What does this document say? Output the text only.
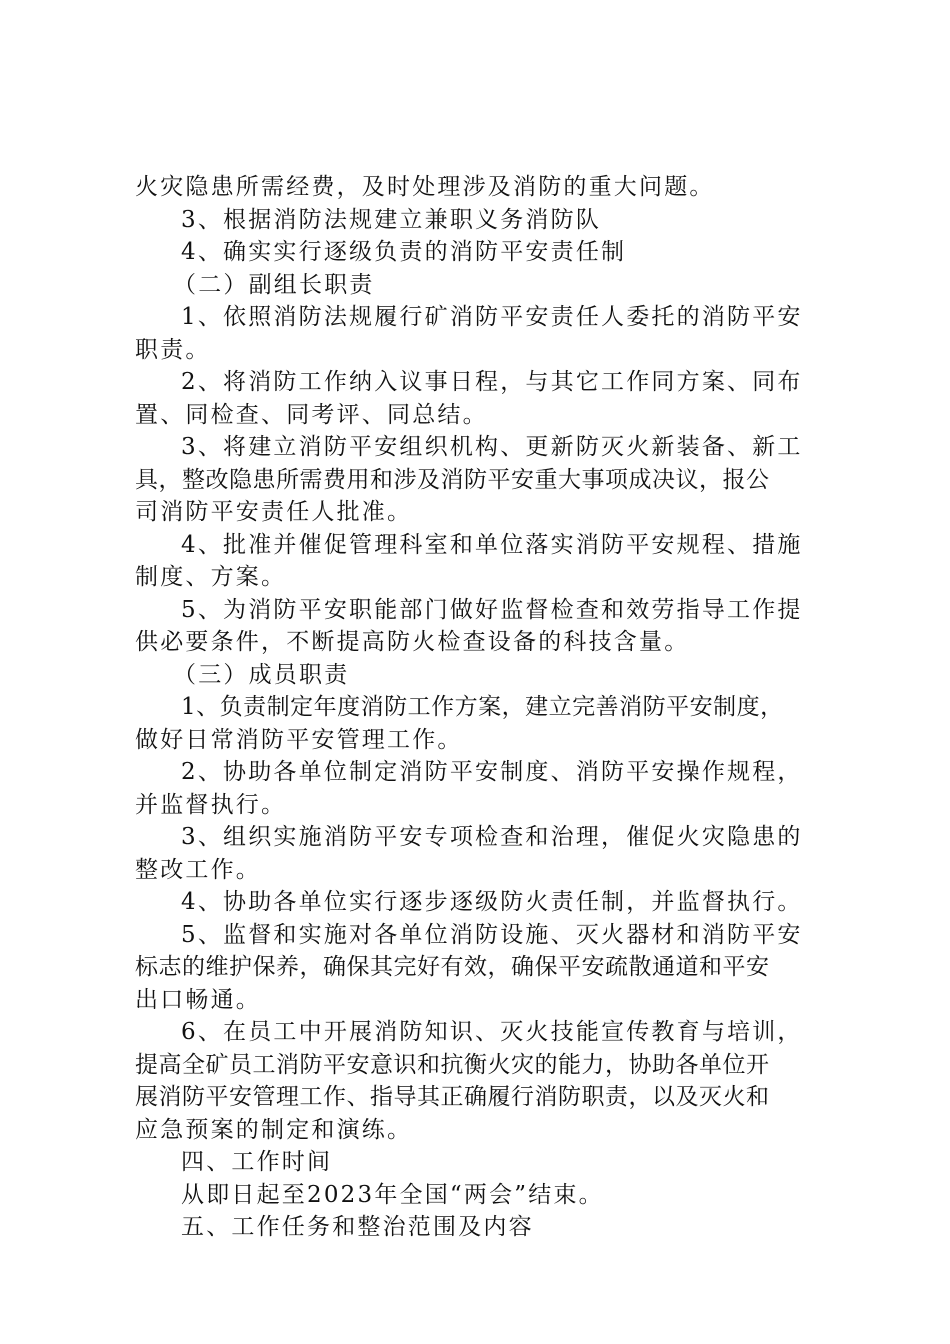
火灾隐患所需经费，及时处理涉及消防的重大问题。
3、根据消防法规建立兼职义务消防队
4、确实实行逐级负责的消防平安责任制
（二）副组长职责
1、依照消防法规履行矿消防平安责任人委托的消防平安
职责。
2、将消防工作纳入议事日程，与其它工作同方案、同布
置、同检查、同考评、同总结。
3、将建立消防平安组织机构、更新防灭火新装备、新工
具，整改隐患所需费用和涉及消防平安重大事项成决议，报公
司消防平安责任人批准。
4、批准并催促管理科室和单位落实消防平安规程、措施
制度、方案。
5、为消防平安职能部门做好监督检查和效劳指导工作提
供必要条件，不断提高防火检查设备的科技含量。
（三）成员职责
1、负责制定年度消防工作方案，建立完善消防平安制度，
做好日常消防平安管理工作。
2、协助各单位制定消防平安制度、消防平安操作规程，
并监督执行。
3、组织实施消防平安专项检查和治理，催促火灾隐患的
整改工作。
4、协助各单位实行逐步逐级防火责任制，并监督执行。
5、监督和实施对各单位消防设施、灭火器材和消防平安
标志的维护保养，确保其完好有效，确保平安疏散通道和平安
出口畅通。
6、在员工中开展消防知识、灭火技能宣传教育与培训，
提高全矿员工消防平安意识和抗衡火灾的能力，协助各单位开
展消防平安管理工作、指导其正确履行消防职责，以及灭火和
应急预案的制定和演练。
四、工作时间
从即日起至2023年全国“两会”结束。
五、工作任务和整治范围及内容
